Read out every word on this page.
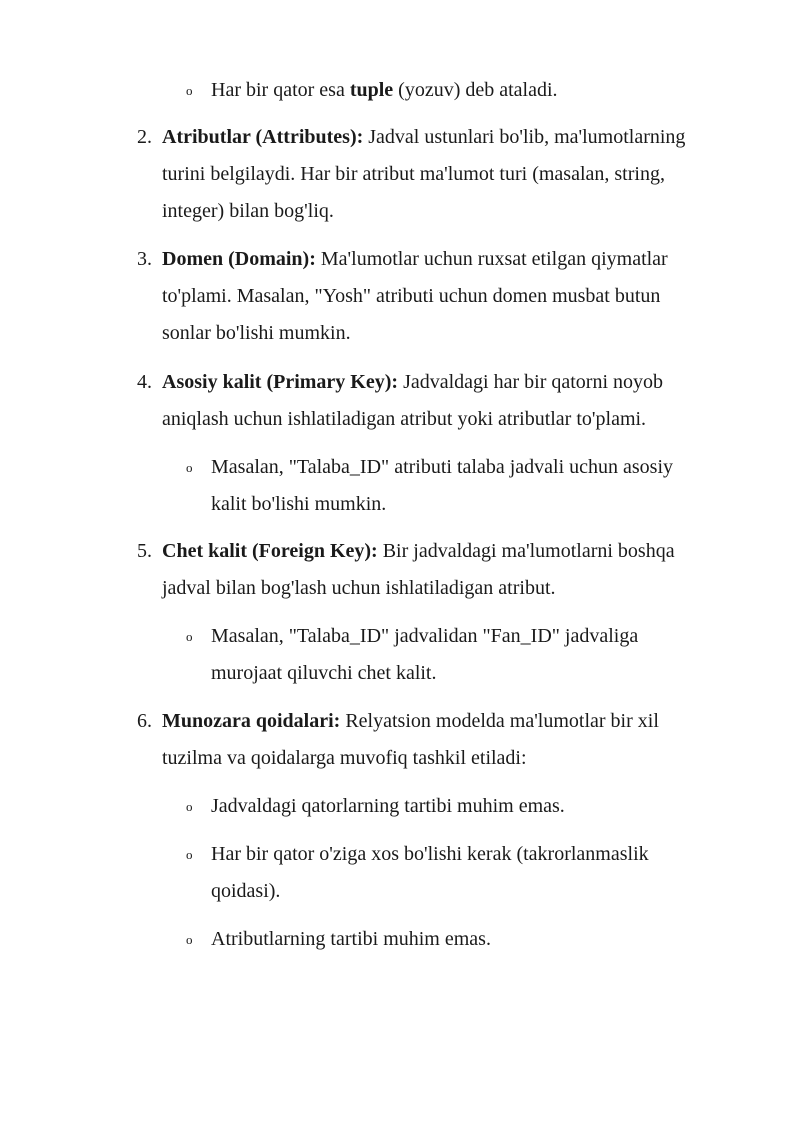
o Har bir qator esa tuple (yozuv) deb ataladi.
2. Atributlar (Attributes): Jadval ustunlari bo'lib, ma'lumotlarning
turini belgilaydi. Har bir atribut ma'lumot turi (masalan, string,
integer) bilan bog'liq.
3. Domen (Domain): Ma'lumotlar uchun ruxsat etilgan qiymatlar
to'plami. Masalan, "Yosh" atributi uchun domen musbat butun
sonlar bo'lishi mumkin.
4. Asosiy kalit (Primary Key): Jadvaldagi har bir qatorni noyob
aniqlash uchun ishlatiladigan atribut yoki atributlar to'plami.
o Masalan, "Talaba_ID" atributi talaba jadvali uchun asosiy
kalit bo'lishi mumkin.
5. Chet kalit (Foreign Key): Bir jadvaldagi ma'lumotlarni boshqa
jadval bilan bog'lash uchun ishlatiladigan atribut.
o Masalan, "Talaba_ID" jadvalidan "Fan_ID" jadvaliga
murojaat qiluvchi chet kalit.
6. Munozara qoidalari: Relyatsion modelda ma'lumotlar bir xil
tuzilma va qoidalarga muvofiq tashkil etiladi:
o Jadvaldagi qatorlarning tartibi muhim emas.
o Har bir qator o'ziga xos bo'lishi kerak (takrorlanmaslik
qoidasi).
o Atributlarning tartibi muhim emas.
